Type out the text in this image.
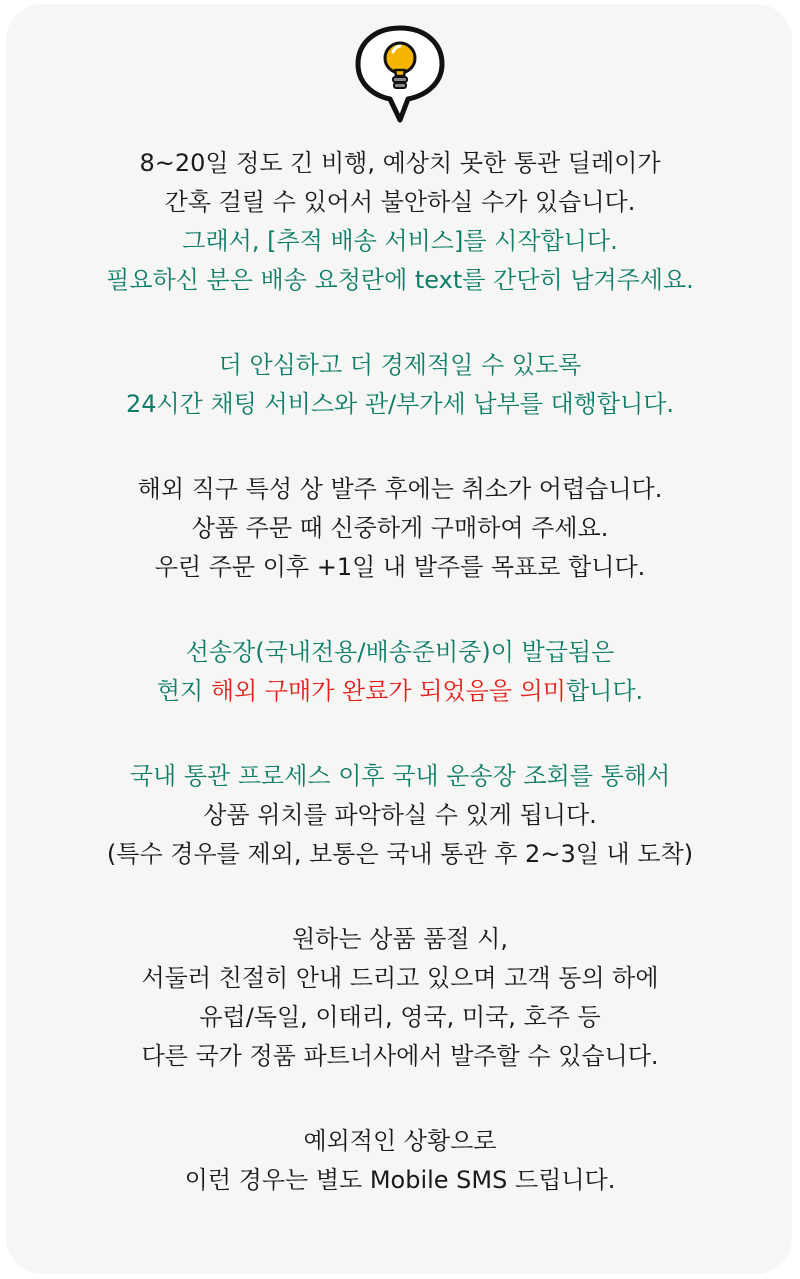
8~20일 정도 긴 비행, 예상치 못한 통관 딜레이가
간혹 걸릴 수 있어서 불안하실 수가 있습니다.
그래서, [추적 배송 서비스]를 시작합니다.
필요하신 분은 배송 요청란에 text를 간단히 남겨주세요.
더 안심하고 더 경제적일 수 있도록
24시간 채팅 서비스와 관/부가세 납부를 대행합니다.
해외 직구 특성 상 발주 후에는 취소가 어렵습니다.
상품 주문 때 신중하게 구매하여 주세요.
우린 주문 이후 +1일 내 발주를 목표로 합니다.
선송장(국내전용/배송준비중)이 발급됨은
현지 해외 구매가 완료가 되었음을 의미합니다.
국내 통관 프로세스 이후 국내 운송장 조회를 통해서
상품 위치를 파악하실 수 있게 됩니다.
(특수 경우를 제외, 보통은 국내 통관 후 2~3일 내 도착)
원하는 상품 품절 시,
서둘러 친절히 안내 드리고 있으며 고객 동의 하에
유럽/독일, 이태리, 영국, 미국, 호주 등
다른 국가 정품 파트너사에서 발주할 수 있습니다.
예외적인 상황으로
이런 경우는 별도 Mobile SMS 드립니다.
